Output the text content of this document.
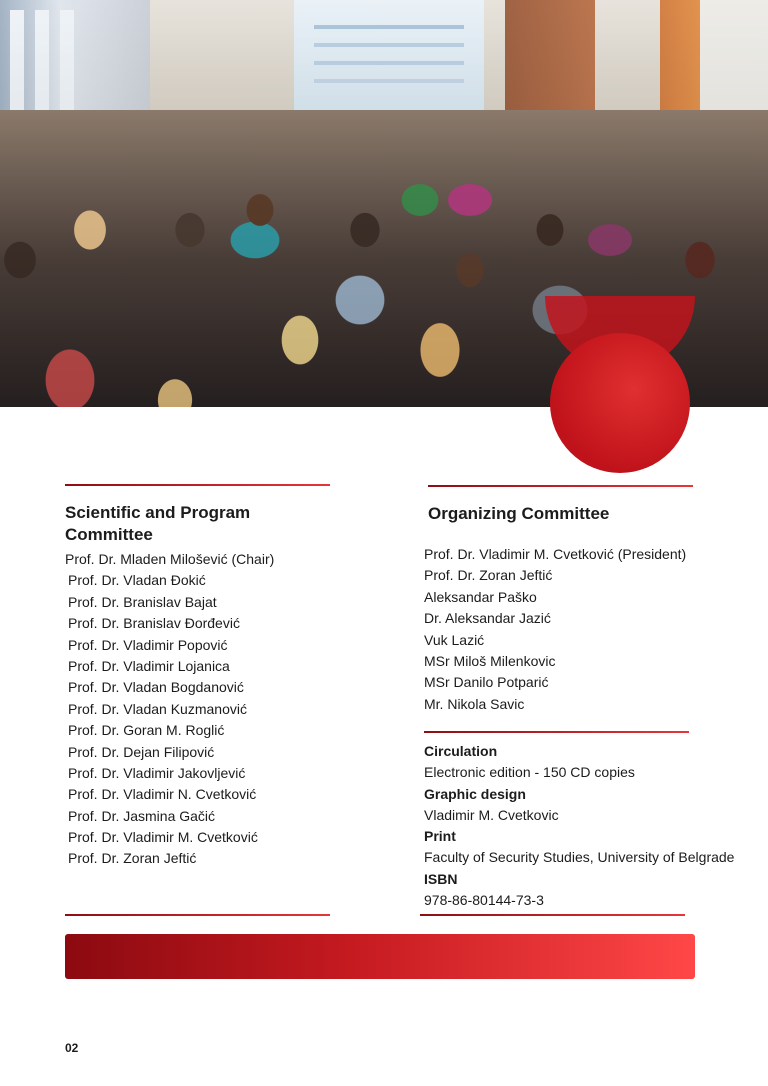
Scientific and Program Committee
Prof. Dr. Mladen Milošević (Chair)
Prof. Dr. Vladan Đokić
Prof. Dr. Branislav Bajat
Prof. Dr. Branislav Đorđević
Prof. Dr. Vladimir Popović
Prof. Dr. Vladimir Lojanica
Prof. Dr. Vladan Bogdanović
Prof. Dr. Vladan Kuzmanović
Prof. Dr. Goran M. Roglić
Prof. Dr. Dejan Filipović
Prof. Dr. Vladimir Jakovljević
Prof. Dr. Vladimir N. Cvetković
Prof. Dr. Jasmina Gačić
Prof. Dr. Vladimir M. Cvetković
Prof. Dr. Zoran Jeftić
Organizing Committee
Prof. Dr. Vladimir M. Cvetković (President)
Prof. Dr. Zoran Jeftić
Aleksandar Paško
Dr. Aleksandar Jazić
Vuk Lazić
MSr Miloš Milenkovic
MSr Danilo Potparić
Mr. Nikola Savic
Circulation
Electronic edition - 150 CD copies
Graphic design
Vladimir M. Cvetkovic
Print
Faculty of Security Studies, University of Belgrade
ISBN
978-86-80144-73-3
02
